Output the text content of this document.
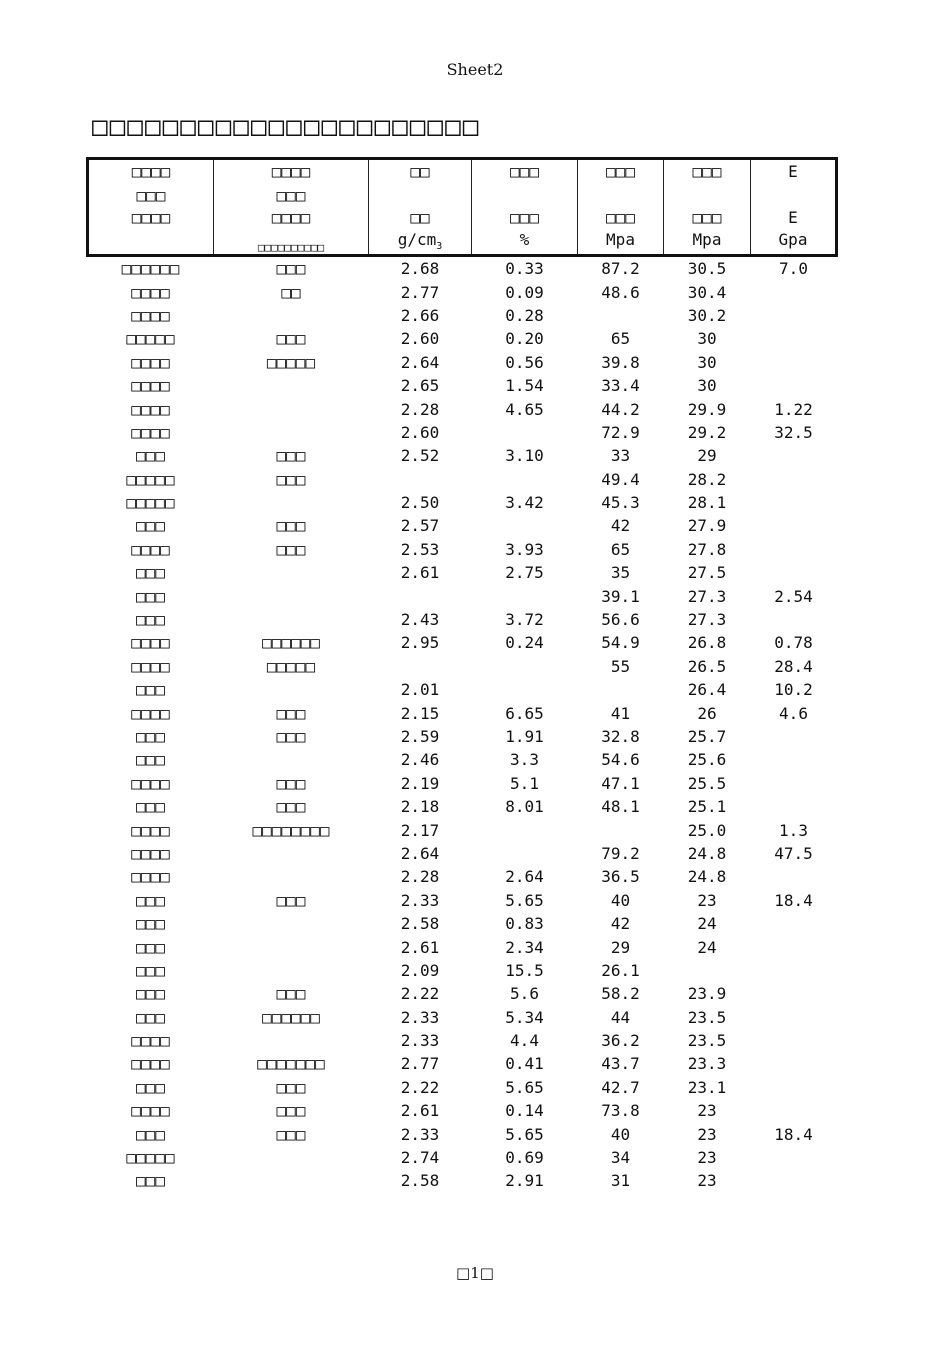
Sheet2
□□□□□□□□□□□□□□□□□□□□□□
□□□□	□□□□	□□	□□□	□□□	□□□	E
□□□	□□□					
□□□□	□□□□	□□	□□□	□□□	□□□	E
	□□□□□□□□□□	$g/cm_3$	%	Mpa	Mpa	Gpa
□□□□□□	□□□	2.68	0.33	87.2	30.5	7.0
□□□□	□□	2.77	0.09	48.6	30.4	
□□□□		2.66	0.28		30.2	
□□□□□	□□□	2.60	0.20	65	30	
□□□□	□□□□□	2.64	0.56	39.8	30	
□□□□		2.65	1.54	33.4	30	
□□□□		2.28	4.65	44.2	29.9	1.22
□□□□		2.60		72.9	29.2	32.5
□□□	□□□	2.52	3.10	33	29	
□□□□□	□□□			49.4	28.2	
□□□□□		2.50	3.42	45.3	28.1	
□□□	□□□	2.57		42	27.9	
□□□□	□□□	2.53	3.93	65	27.8	
□□□		2.61	2.75	35	27.5	
□□□				39.1	27.3	2.54
□□□		2.43	3.72	56.6	27.3	
□□□□	□□□□□□	2.95	0.24	54.9	26.8	0.78
□□□□	□□□□□			55	26.5	28.4
□□□		2.01			26.4	10.2
□□□□	□□□	2.15	6.65	41	26	4.6
□□□	□□□	2.59	1.91	32.8	25.7	
□□□		2.46	3.3	54.6	25.6	
□□□□	□□□	2.19	5.1	47.1	25.5	
□□□	□□□	2.18	8.01	48.1	25.1	
□□□□	□□□□□□□□	2.17			25.0	1.3
□□□□		2.64		79.2	24.8	47.5
□□□□		2.28	2.64	36.5	24.8	
□□□	□□□	2.33	5.65	40	23	18.4
□□□		2.58	0.83	42	24	
□□□		2.61	2.34	29	24	
□□□		2.09	15.5	26.1		
□□□	□□□	2.22	5.6	58.2	23.9	
□□□	□□□□□□	2.33	5.34	44	23.5	
□□□□		2.33	4.4	36.2	23.5	
□□□□	□□□□□□□	2.77	0.41	43.7	23.3	
□□□	□□□	2.22	5.65	42.7	23.1	
□□□□	□□□	2.61	0.14	73.8	23	
□□□	□□□	2.33	5.65	40	23	18.4
□□□□□		2.74	0.69	34	23	
□□□		2.58	2.91	31	23	
□1□
